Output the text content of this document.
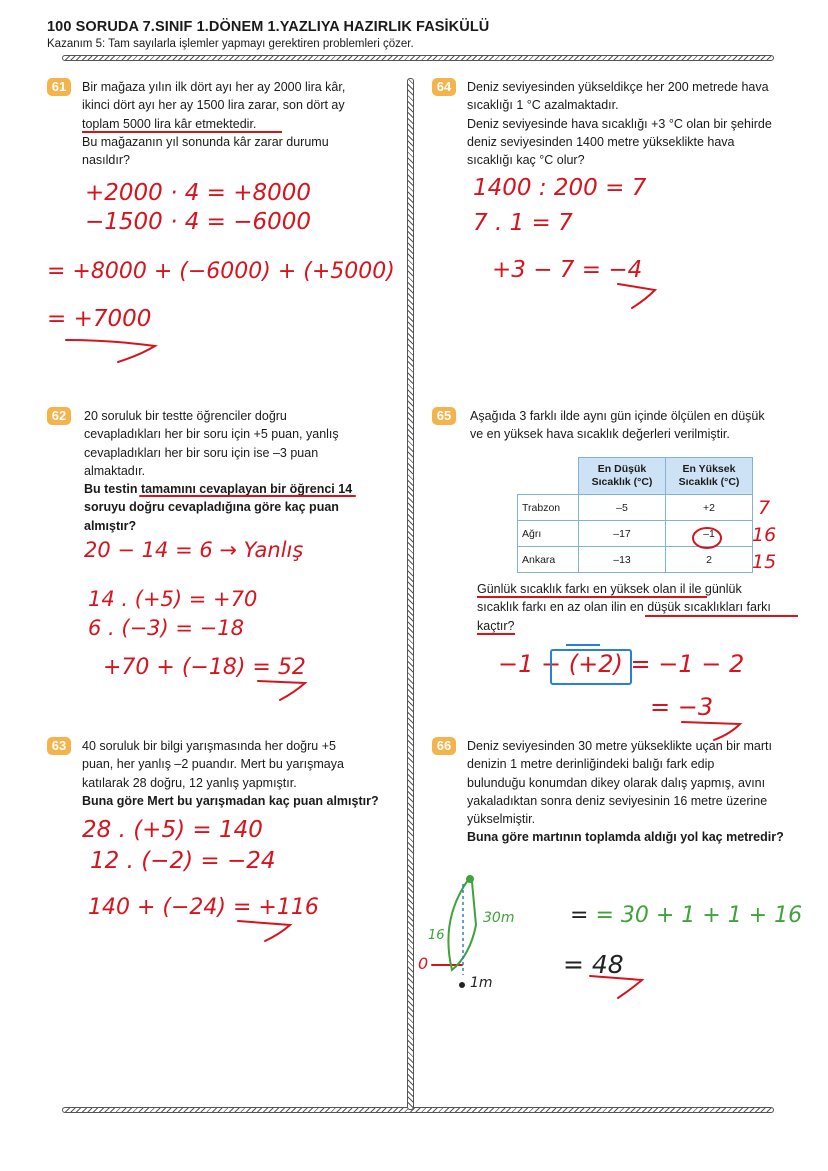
100 SORUDA 7.SINIF 1.DÖNEM 1.YAZLIYA HAZIRLIK FASİKÜLÜ
Kazanım 5: Tam sayılarla işlemler yapmayı gerektiren problemleri çözer.
61	Bir mağaza yılın ilk dört ayı her ay 2000 lira kâr,

ikinci dört ayı her ay 1500 lira zarar, son dört ay

toplam 5000 lira kâr etmektedir.

Bu mağazanın yıl sonunda kâr zarar durumu

nasıldır?

+2000 · 4 = +8000
−1500 · 4 = −6000
= +8000 + (−6000) + (+5000)
= +7000
62	20 soruluk bir testte öğrenciler doğru

cevapladıkları her bir soru için +5 puan, yanlış

cevapladıkları her bir soru için ise –3 puan

almaktadır.

Bu testin tamamını cevaplayan bir öğrenci 14

soruyu doğru cevapladığına göre kaç puan

almıştır?

20 − 14 = 6 → Yanlış
14 . (+5) = +70
6 . (−3) = −18
+70 + (−18) = 52
63	40 soruluk bir bilgi yarışmasında her doğru +5

puan, her yanlış –2 puandır. Mert bu yarışmaya

katılarak 28 doğru, 12 yanlış yapmıştır.

Buna göre Mert bu yarışmadan kaç puan almıştır?

28 . (+5) = 140
12 . (−2) = −24
140 + (−24) = +116
64	Deniz seviyesinden yükseldikçe her 200 metrede hava

sıcaklığı 1 °C azalmaktadır.

Deniz seviyesinde hava sıcaklığı +3 °C olan bir şehirde

deniz seviyesinden 1400 metre yükseklikte hava

sıcaklığı kaç °C olur?

1400 : 200 = 7
7 . 1 = 7
+3 − 7 = −4
65	Aşağıda 3 farklı ilde aynı gün içinde ölçülen en düşük

ve en yüksek hava sıcaklık değerleri verilmiştir.

	En Düşük Sıcaklık (°C)	En Yüksek Sıcaklık (°C)
Trabzon	–5	+2
Ağrı	–17	–1
Ankara	–13	2
7
16
15

Günlük sıcaklık farkı en yüksek olan il ile günlük

sıcaklık farkı en az olan ilin en düşük sıcaklıkları farkı

kaçtır?

−1 − (+2) = −1 − 2
= −3
66	Deniz seviyesinden 30 metre yükseklikte uçan bir martı

denizin 1 metre derinliğindeki balığı fark edip

bulunduğu konumdan dikey olarak dalış yapmış, avını

yakaladıktan sonra deniz seviyesinin 16 metre üzerine

yükselmiştir.

Buna göre martının toplamda aldığı yol kaç metredir?

= = 30 + 1 + 1 + 16
= 48
30m
16
0
1m
